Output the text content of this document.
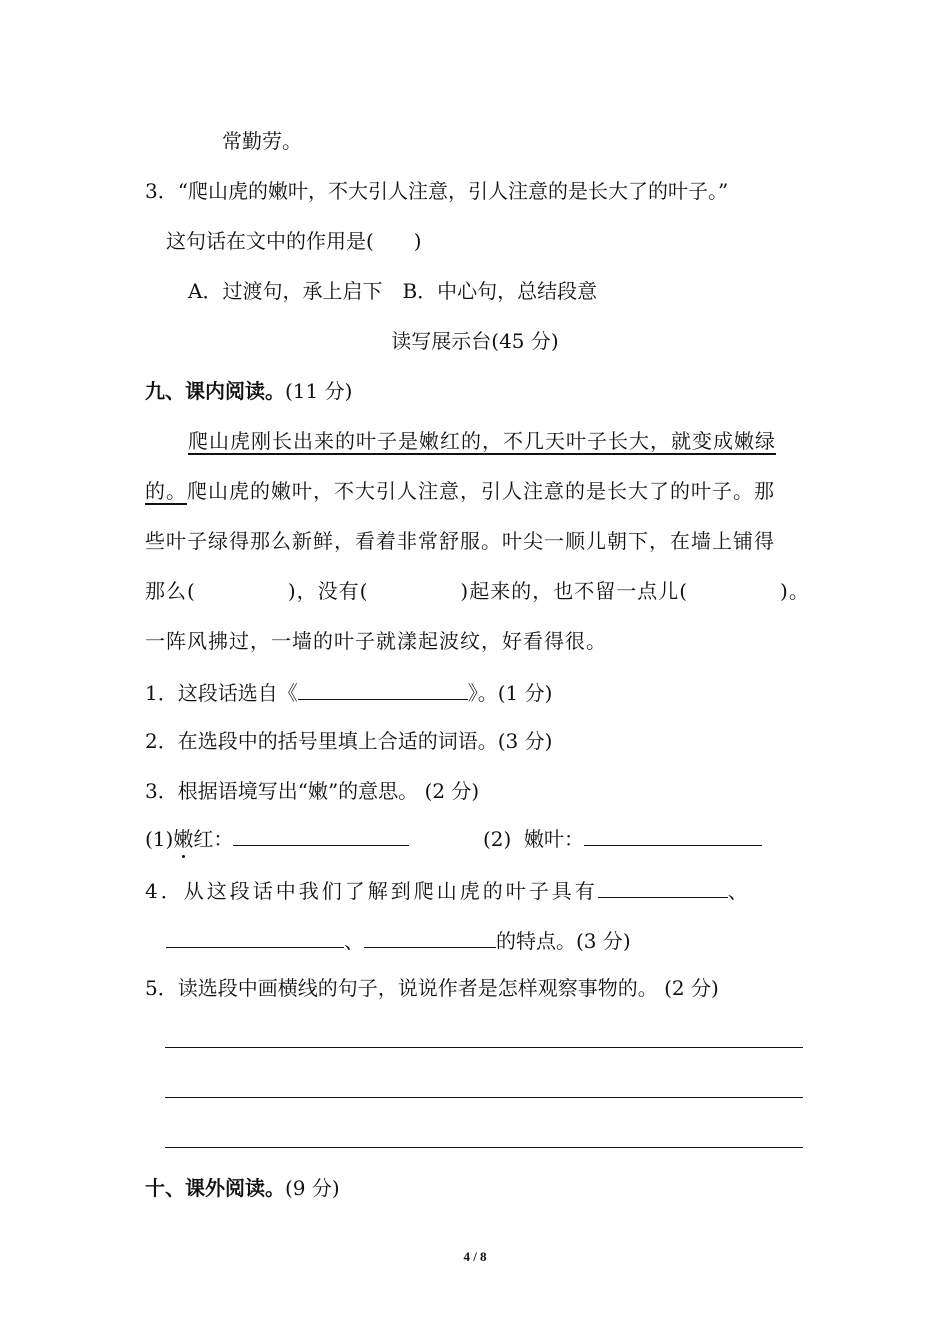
常勤劳。
3．“爬山虎的嫩叶，不大引人注意，引人注意的是长大了的叶子。”
这句话在文中的作用是(　　)
A．过渡句，承上启下　B．中心句，总结段意
读写展示台(45 分)
九、课内阅读。(11 分)
爬山虎刚长出来的叶子是嫩红的，不几天叶子长大，就变成嫩绿
的。爬山虎的嫩叶，不大引人注意，引人注意的是长大了的叶子。那
些叶子绿得那么新鲜，看着非常舒服。叶尖一顺儿朝下，在墙上铺得
那么(	)，没有(	)起来的，也不留一点儿(	)。
一阵风拂过，一墙的叶子就漾起波纹，好看得很。
1．这段话选自《	》。(1 分)
2．在选段中的括号里填上合适的词语。(3 分)
3．根据语境写出“嫩”的意思。 (2 分)
(1)嫩红：	(2)  嫩叶：
4．从这段话中我们了解到爬山虎的叶子具有	、
、	的特点。(3 分)
5．读选段中画横线的句子，说说作者是怎样观察事物的。 (2 分)
十、课外阅读。(9 分)
4 / 8
